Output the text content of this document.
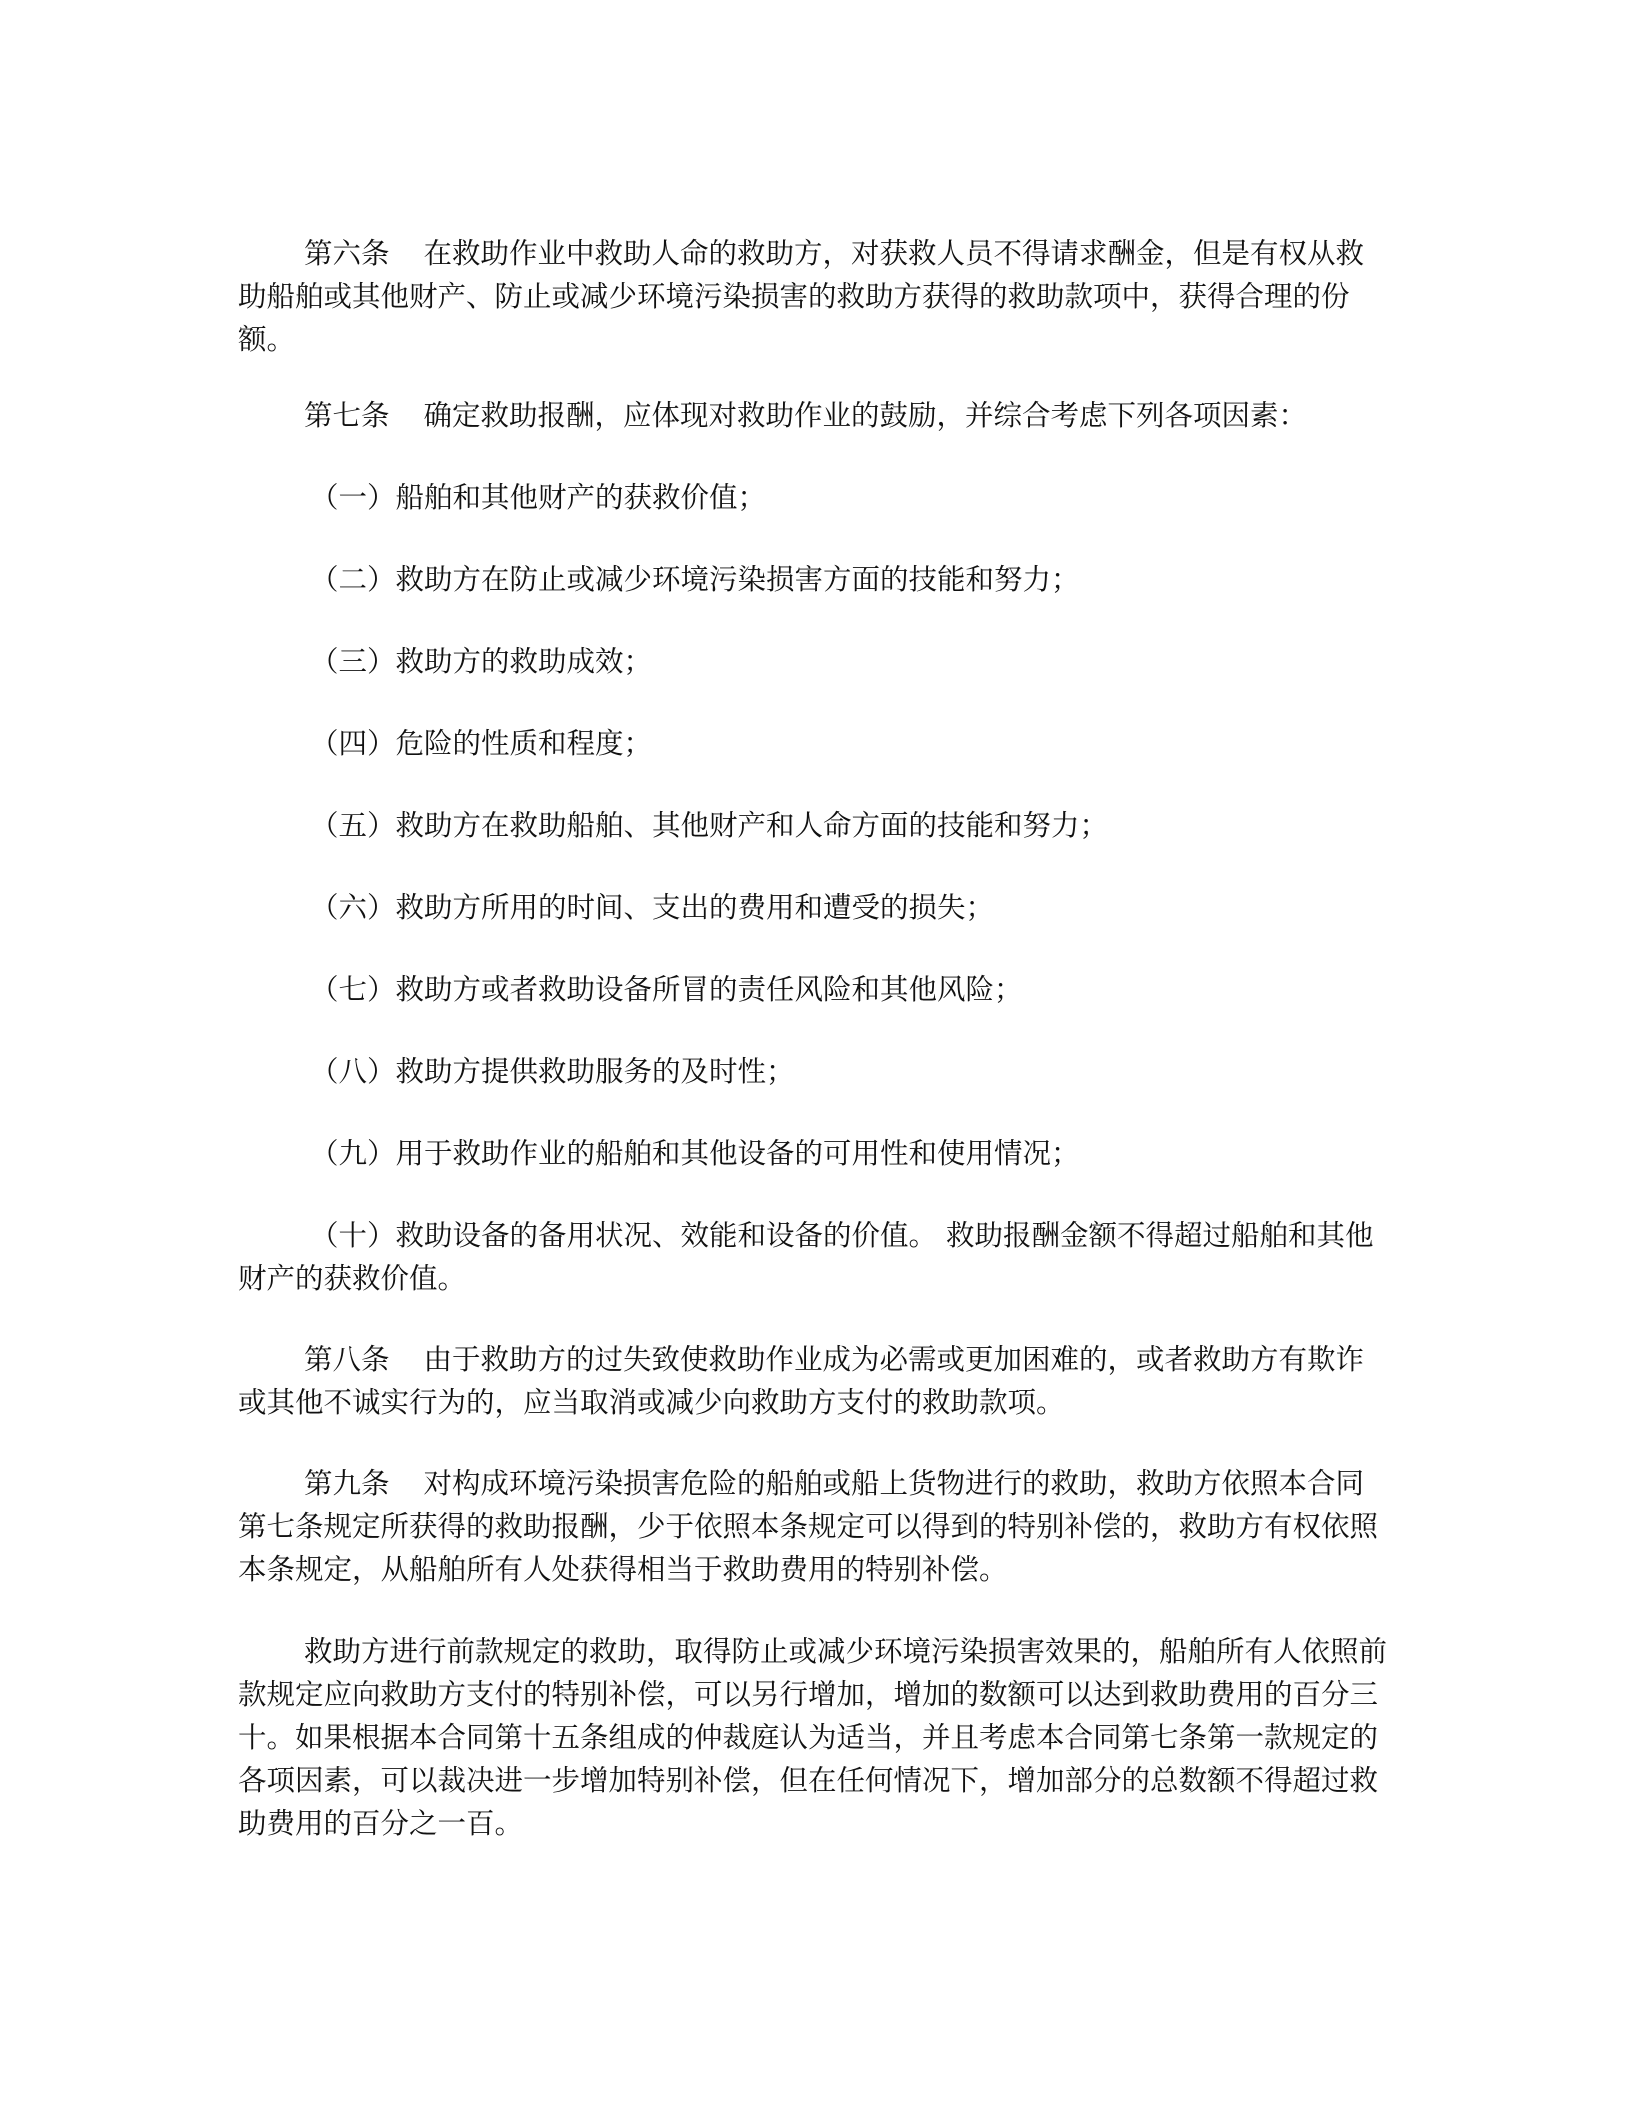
第六条 在救助作业中救助人命的救助方，对获救人员不得请求酬金，但是有权从救助船舶或其他财产、防止或减少环境污染损害的救助方获得的救助款项中，获得合理的份额。

第七条 确定救助报酬，应体现对救助作业的鼓励，并综合考虑下列各项因素：

（一）船舶和其他财产的获救价值；

（二）救助方在防止或减少环境污染损害方面的技能和努力；

（三）救助方的救助成效；

（四）危险的性质和程度；

（五）救助方在救助船舶、其他财产和人命方面的技能和努力；

（六）救助方所用的时间、支出的费用和遭受的损失；

（七）救助方或者救助设备所冒的责任风险和其他风险；

（八）救助方提供救助服务的及时性；

（九）用于救助作业的船舶和其他设备的可用性和使用情况；

（十）救助设备的备用状况、效能和设备的价值。 救助报酬金额不得超过船舶和其他财产的获救价值。

第八条 由于救助方的过失致使救助作业成为必需或更加困难的，或者救助方有欺诈或其他不诚实行为的，应当取消或减少向救助方支付的救助款项。

第九条 对构成环境污染损害危险的船舶或船上货物进行的救助，救助方依照本合同第七条规定所获得的救助报酬，少于依照本条规定可以得到的特别补偿的，救助方有权依照本条规定，从船舶所有人处获得相当于救助费用的特别补偿。

救助方进行前款规定的救助，取得防止或减少环境污染损害效果的，船舶所有人依照前款规定应向救助方支付的特别补偿，可以另行增加，增加的数额可以达到救助费用的百分三十。如果根据本合同第十五条组成的仲裁庭认为适当，并且考虑本合同第七条第一款规定的各项因素，可以裁决进一步增加特别补偿，但在任何情况下，增加部分的总数额不得超过救助费用的百分之一百。
